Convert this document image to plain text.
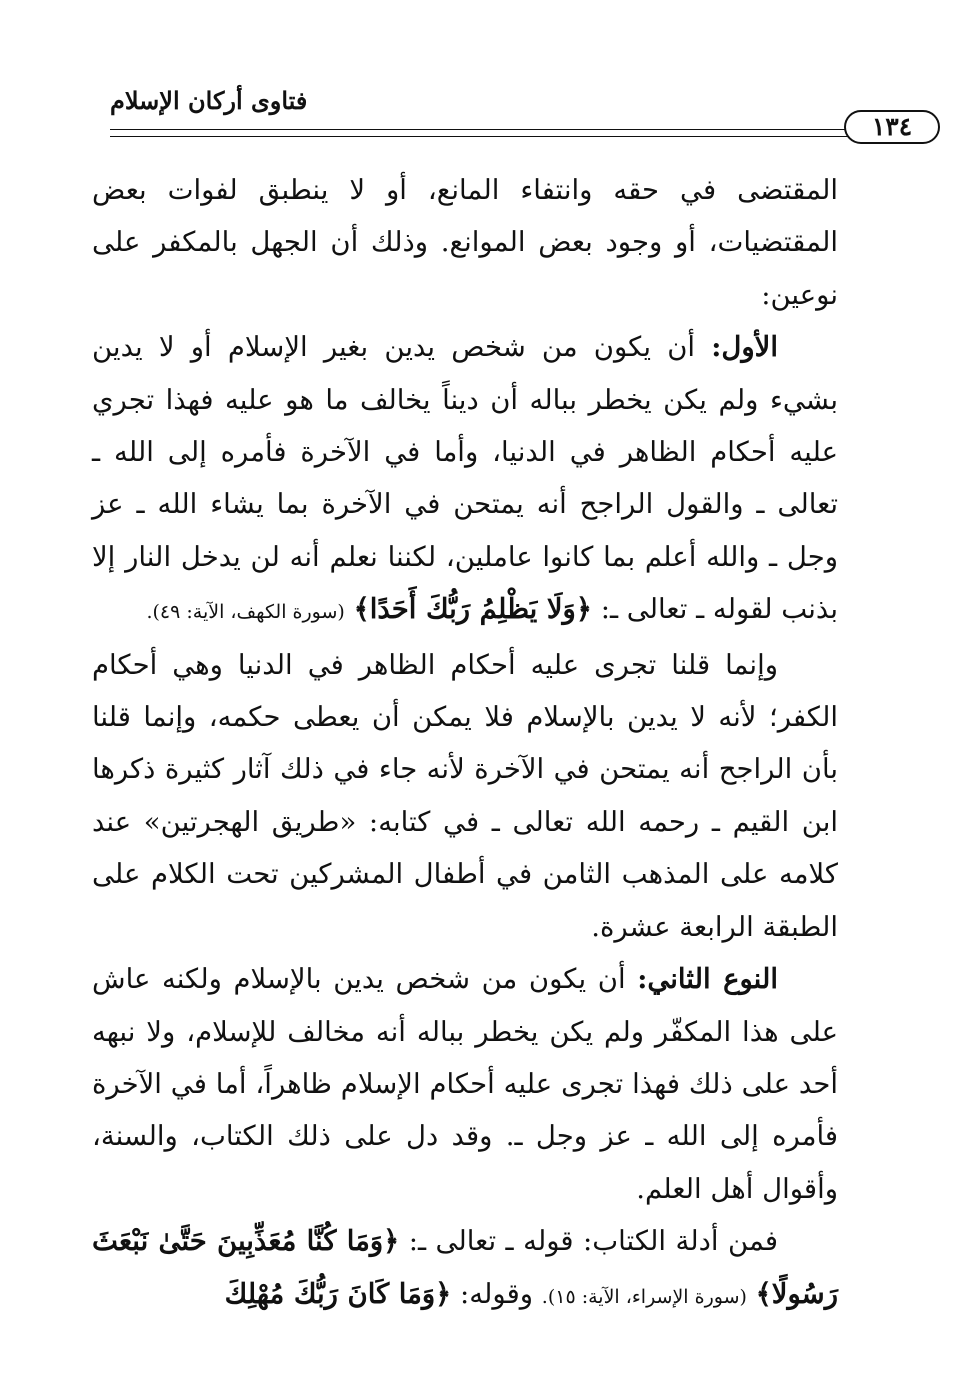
فتاوى أركان الإسلام
١٣٤

المقتضى في حقه وانتفاء المانع، أو لا ينطبق لفوات بعض المقتضيات، أو وجود بعض الموانع. وذلك أن الجهل بالمكفر على نوعين:

الأول: أن يكون من شخص يدين بغير الإسلام أو لا يدين بشيء ولم يكن يخطر بباله أن ديناً يخالف ما هو عليه فهذا تجري عليه أحكام الظاهر في الدنيا، وأما في الآخرة فأمره إلى الله ـ تعالى ـ والقول الراجح أنه يمتحن في الآخرة بما يشاء الله ـ عز وجل ـ والله أعلم بما كانوا عاملين، لكننا نعلم أنه لن يدخل النار إلا بذنب لقوله ـ تعالى ـ: ﴿وَلَا يَظْلِمُ رَبُّكَ أَحَدًا﴾ (سورة الكهف، الآية: ٤٩).

وإنما قلنا تجرى عليه أحكام الظاهر في الدنيا وهي أحكام الكفر؛ لأنه لا يدين بالإسلام فلا يمكن أن يعطى حكمه، وإنما قلنا بأن الراجح أنه يمتحن في الآخرة لأنه جاء في ذلك آثار كثيرة ذكرها ابن القيم ـ رحمه الله تعالى ـ في كتابه: «طريق الهجرتين» عند كلامه على المذهب الثامن في أطفال المشركين تحت الكلام على الطبقة الرابعة عشرة.

النوع الثاني: أن يكون من شخص يدين بالإسلام ولكنه عاش على هذا المكفّر ولم يكن يخطر بباله أنه مخالف للإسلام، ولا نبهه أحد على ذلك فهذا تجرى عليه أحكام الإسلام ظاهراً، أما في الآخرة فأمره إلى الله ـ عز وجل ـ. وقد دل على ذلك الكتاب، والسنة، وأقوال أهل العلم.

فمن أدلة الكتاب: قوله ـ تعالى ـ: ﴿وَمَا كُنَّا مُعَذِّبِينَ حَتَّىٰ نَبْعَثَ رَسُولًا﴾ (سورة الإسراء، الآية: ١٥). وقوله: ﴿وَمَا كَانَ رَبُّكَ مُهْلِكَ
